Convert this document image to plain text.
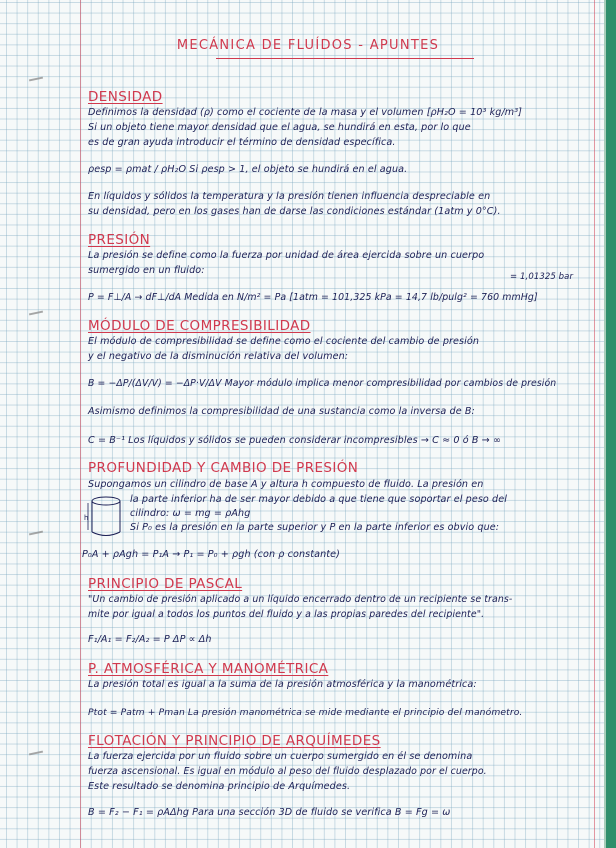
MECÁNICA DE FLUÍDOS - APUNTES
DENSIDAD
Definimos la densidad (ρ) como el cociente de la masa y el volumen [ρH₂O = 10³ kg/m³]
Si un objeto tiene mayor densidad que el agua, se hundirá en esta, por lo que
es de gran ayuda introducir el término de densidad específica.
ρesp = ρmat / ρH₂O Si ρesp > 1, el objeto se hundirá en el agua.
En líquidos y sólidos la temperatura y la presión tienen influencia despreciable en
su densidad, pero en los gases han de darse las condiciones estándar (1atm y 0°C).
PRESIÓN
La presión se define como la fuerza por unidad de área ejercida sobre un cuerpo
sumergido en un fluido:
= 1,01325 bar
P = F⊥/A → dF⊥/dA Medida en N/m² = Pa [1atm = 101,325 kPa = 14,7 lb/pulg² = 760 mmHg]
MÓDULO DE COMPRESIBILIDAD
El módulo de compresibilidad se define como el cociente del cambio de presión
y el negativo de la disminución relativa del volumen:
B = −ΔP/(ΔV/V) = −ΔP·V/ΔV Mayor módulo implica menor compresibilidad por cambios de presión
Asimismo definimos la compresibilidad de una sustancia como la inversa de B:
C = B⁻¹ Los líquidos y sólidos se pueden considerar incompresibles → C ≈ 0 ó B → ∞
PROFUNDIDAD Y CAMBIO DE PRESIÓN
Supongamos un cilindro de base A y altura h compuesto de fluido. La presión en
la parte inferior ha de ser mayor debido a que tiene que soportar el peso del
cilindro: ω = mg = ρAhg
Si P₀ es la presión en la parte superior y P en la parte inferior es obvio que:
h
P₀A + ρAgh = P₁A → P₁ = P₀ + ρgh (con ρ constante)
PRINCIPIO DE PASCAL
"Un cambio de presión aplicado a un líquido encerrado dentro de un recipiente se trans-
mite por igual a todos los puntos del fluido y a las propias paredes del recipiente".
F₁/A₁ = F₂/A₂ = P ΔP ∝ Δh
P. ATMOSFÉRICA Y MANOMÉTRICA
La presión total es igual a la suma de la presión atmosférica y la manométrica:
Ptot = Patm + Pman La presión manométrica se mide mediante el principio del manómetro.
FLOTACIÓN Y PRINCIPIO DE ARQUÍMEDES
La fuerza ejercida por un fluido sobre un cuerpo sumergido en él se denomina
fuerza ascensional. Es igual en módulo al peso del fluido desplazado por el cuerpo.
Este resultado se denomina principio de Arquímedes.
B = F₂ − F₁ = ρAΔhg Para una sección 3D de fluido se verifica B = Fg = ω
